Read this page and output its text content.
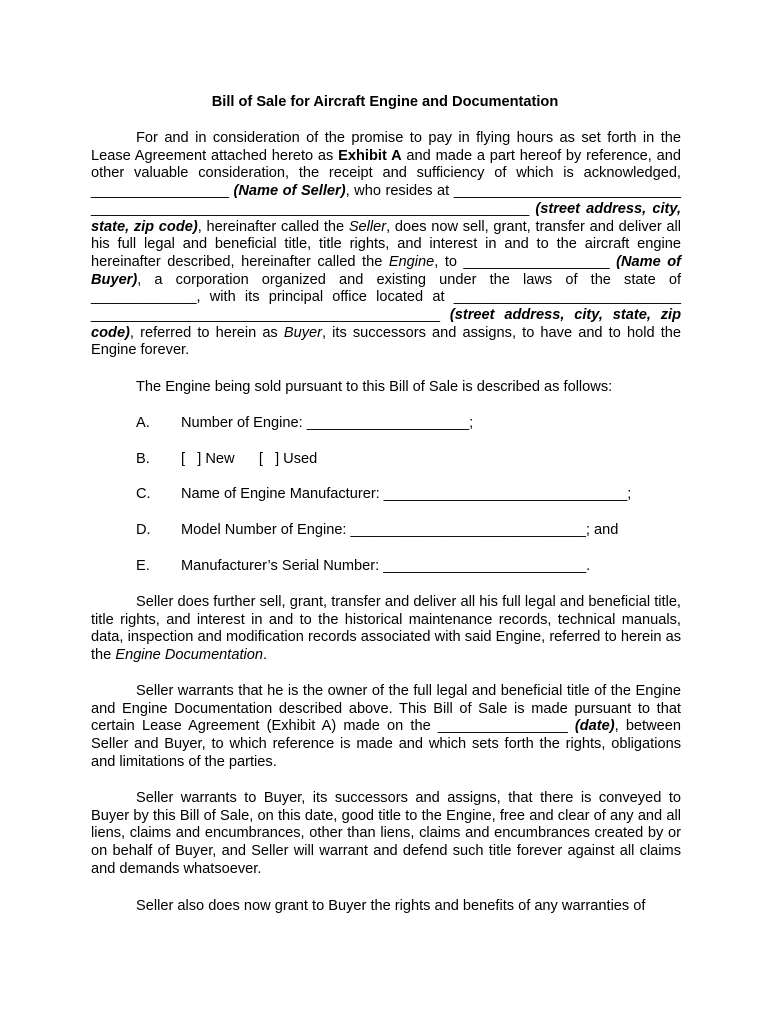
Bill of Sale for Aircraft Engine and Documentation
For and in consideration of the promise to pay in flying hours as set forth in the Lease Agreement attached hereto as Exhibit A and made a part hereof by reference, and other valuable consideration, the receipt and sufficiency of which is acknowledged, _________________ (Name of Seller), who resides at ____________________________ ______________________________________________________ (street address, city, state, zip code), hereinafter called the Seller, does now sell, grant, transfer and deliver all his full legal and beneficial title, title rights, and interest in and to the aircraft engine hereinafter described, hereinafter called the Engine, to __________________ (Name of Buyer), a corporation organized and existing under the laws of the state of _____________, with its principal office located at ____________________________ ___________________________________________ (street address, city, state, zip code), referred to herein as Buyer, its successors and assigns, to have and to hold the Engine forever.
The Engine being sold pursuant to this Bill of Sale is described as follows:
A. Number of Engine: ____________________;
B. [   ] New      [   ] Used
C. Name of Engine Manufacturer: ______________________________;
D. Model Number of Engine: _____________________________; and
E. Manufacturer’s Serial Number: _________________________.
Seller does further sell, grant, transfer and deliver all his full legal and beneficial title, title rights, and interest in and to the historical maintenance records, technical manuals, data, inspection and modification records associated with said Engine, referred to herein as the Engine Documentation.
Seller warrants that he is the owner of the full legal and beneficial title of the Engine and Engine Documentation described above. This Bill of Sale is made pursuant to that certain Lease Agreement (Exhibit A) made on the ________________ (date), between Seller and Buyer, to which reference is made and which sets forth the rights, obligations and limitations of the parties.
Seller warrants to Buyer, its successors and assigns, that there is conveyed to Buyer by this Bill of Sale, on this date, good title to the Engine, free and clear of any and all liens, claims and encumbrances, other than liens, claims and encumbrances created by or on behalf of Buyer, and Seller will warrant and defend such title forever against all claims and demands whatsoever.
Seller also does now grant to Buyer the rights and benefits of any warranties of
